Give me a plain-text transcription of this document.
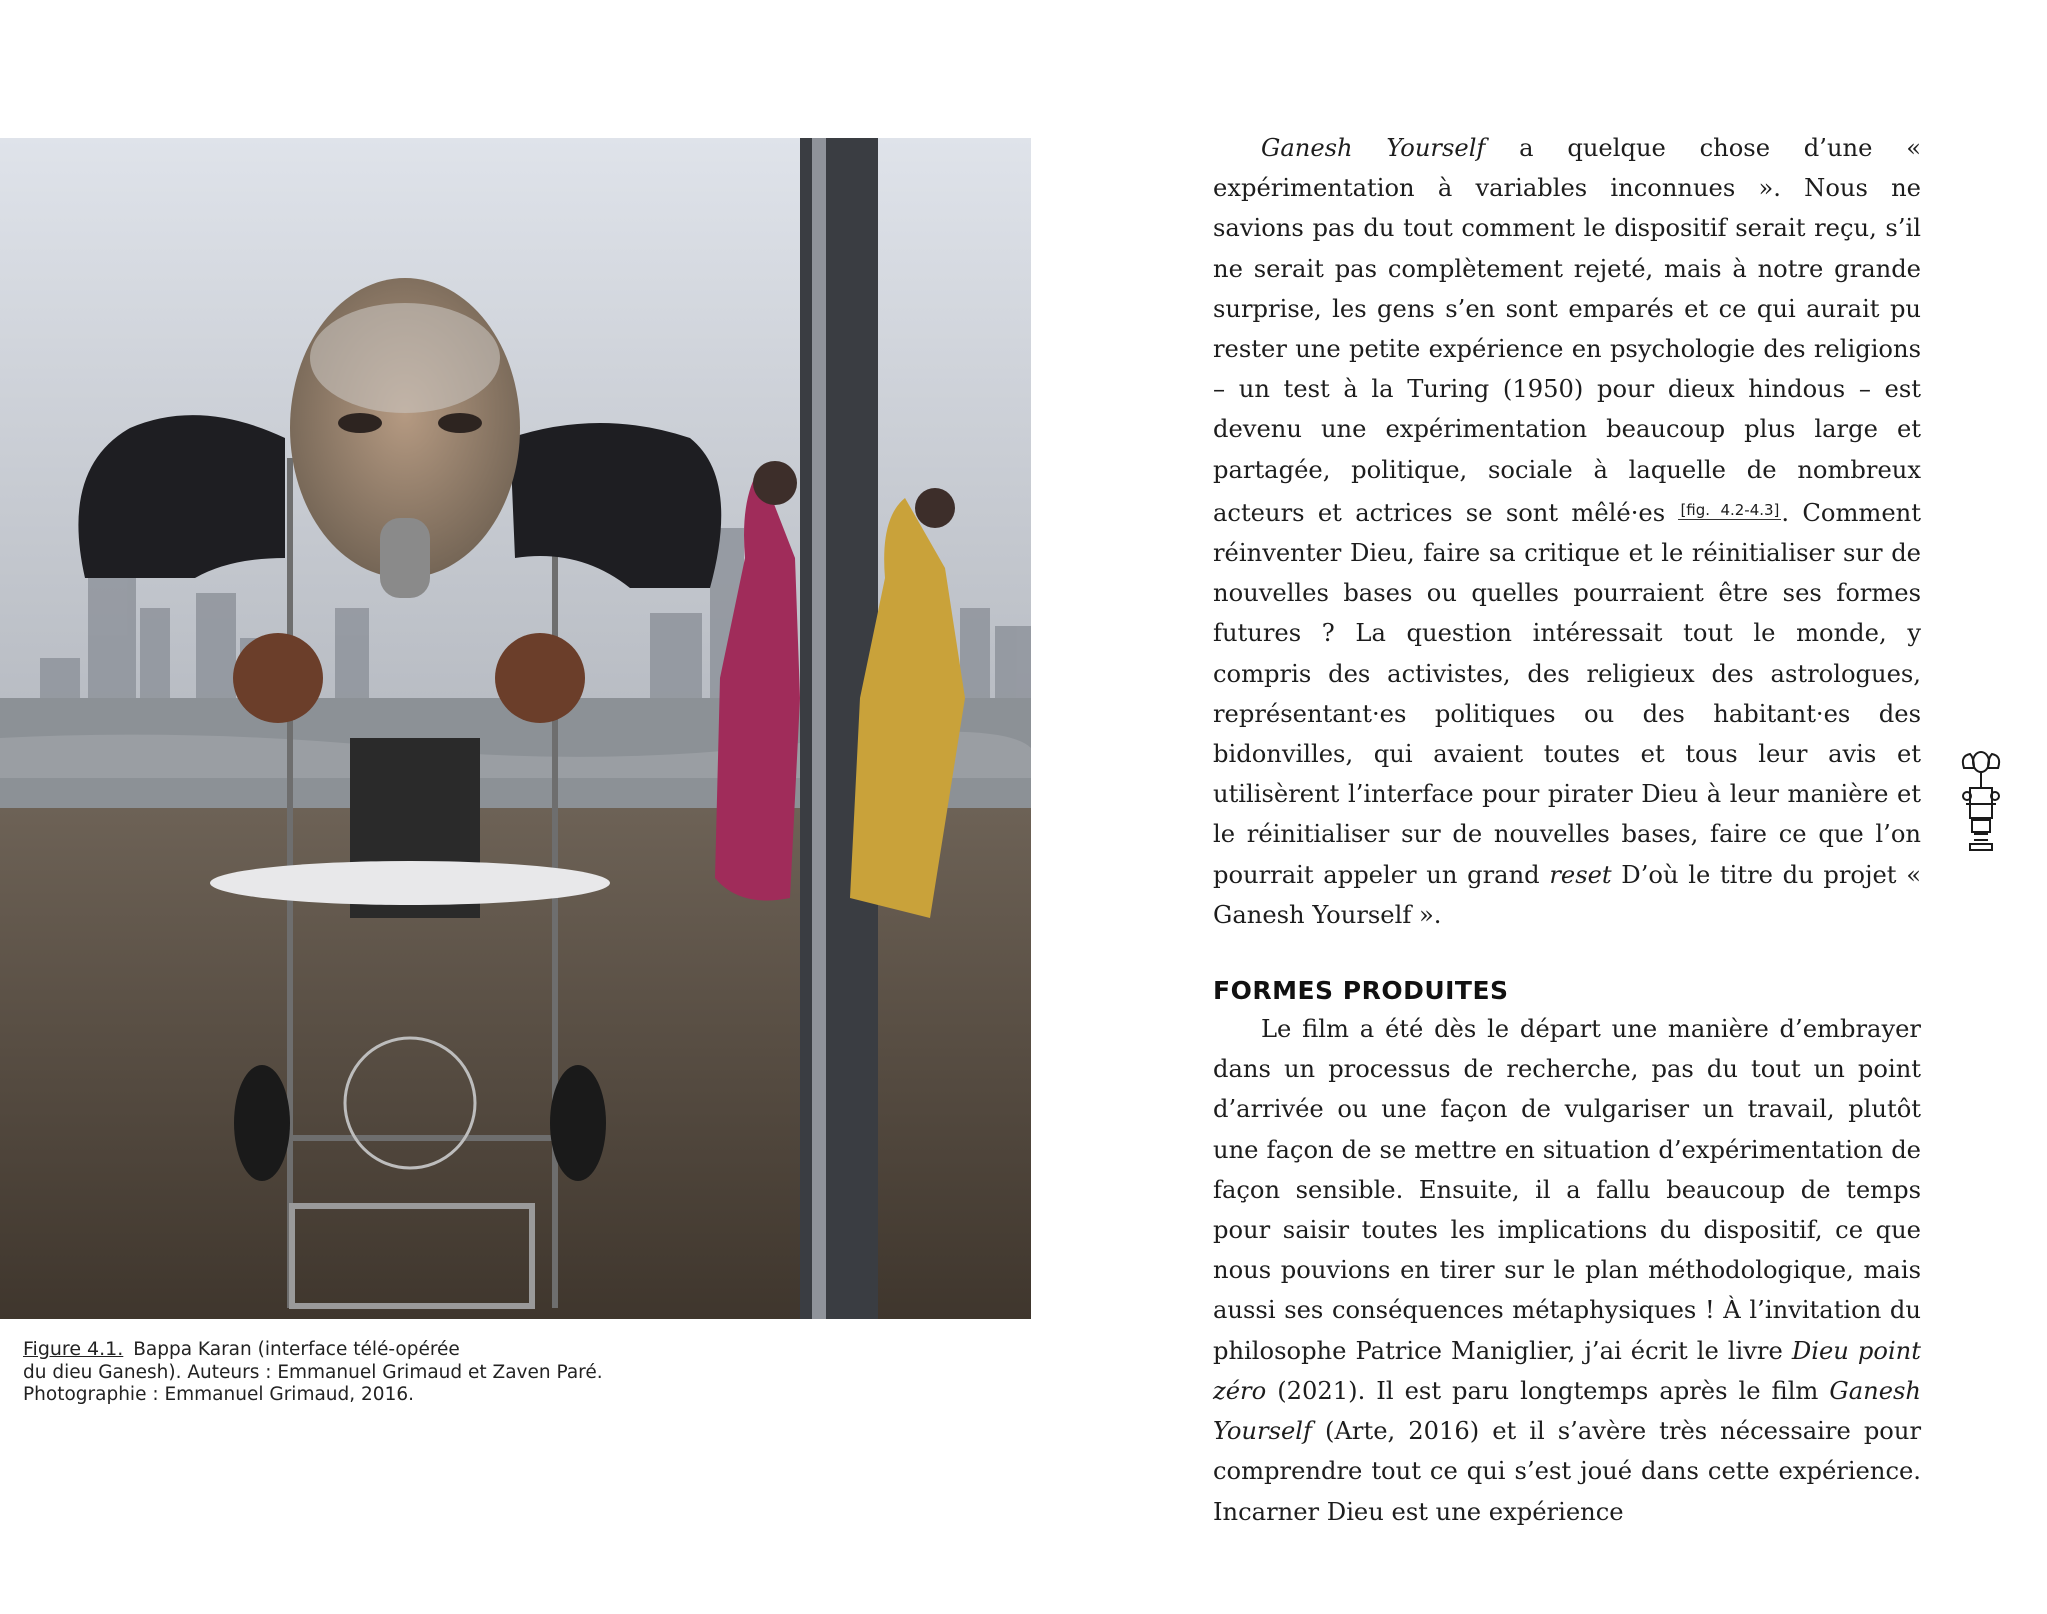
Figure 4.1. Bappa Karan (interface télé-opérée
du dieu Ganesh). Auteurs : Emmanuel Grimaud et Zaven Paré.
Photographie : Emmanuel Grimaud, 2016.

Ganesh Yourself a quelque chose d’une « expérimentation à variables inconnues ». Nous ne savions pas du tout comment le dispositif serait reçu, s’il ne serait pas complètement rejeté, mais à notre grande surprise, les gens s’en sont emparés et ce qui aurait pu rester une petite expérience en psychologie des religions – un test à la Turing (1950) pour dieux hindous – est devenu une expérimentation beaucoup plus large et partagée, politique, sociale à laquelle de nombreux acteurs et actrices se sont mêlé·es [fig. 4.2-4.3]. Comment réinventer Dieu, faire sa critique et le réinitialiser sur de nouvelles bases ou quelles pourraient être ses formes futures ? La question intéressait tout le monde, y compris des activistes, des religieux des astrologues, représentant·es politiques ou des habitant·es des bidonvilles, qui avaient toutes et tous leur avis et utilisèrent l’interface pour pirater Dieu à leur manière et le réinitialiser sur de nouvelles bases, faire ce que l’on pourrait appeler un grand reset D’où le titre du projet « Ganesh Yourself ».

FORMES PRODUITES

Le film a été dès le départ une manière d’embrayer dans un processus de recherche, pas du tout un point d’arrivée ou une façon de vulgariser un travail, plutôt une façon de se mettre en situation d’expérimentation de façon sensible. Ensuite, il a fallu beaucoup de temps pour saisir toutes les implications du dispositif, ce que nous pouvions en tirer sur le plan méthodologique, mais aussi ses conséquences métaphysiques ! À l’invitation du philosophe Patrice Maniglier, j’ai écrit le livre Dieu point zéro (2021). Il est paru longtemps après le film Ganesh Yourself (Arte, 2016) et il s’avère très nécessaire pour comprendre tout ce qui s’est joué dans cette expérience. Incarner Dieu est une expérience
